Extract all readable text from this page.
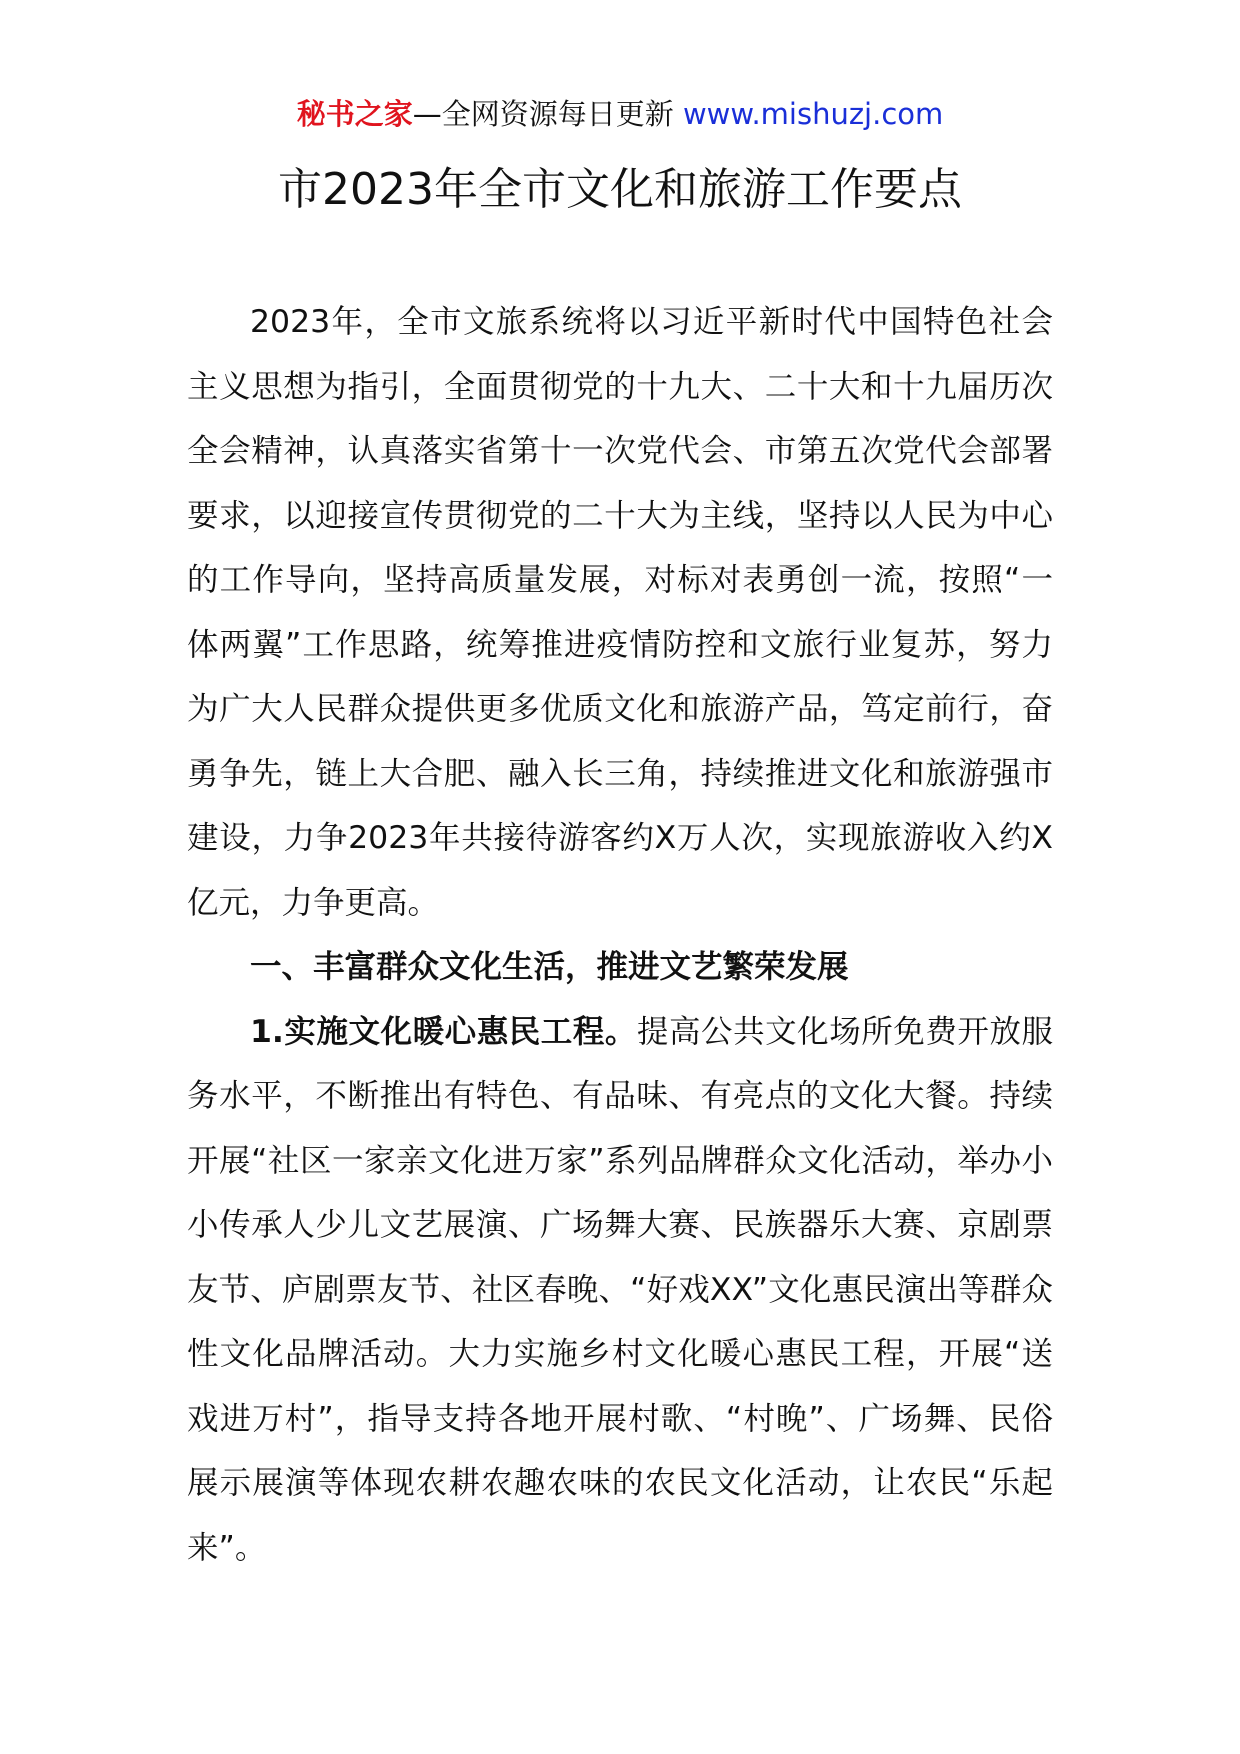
秘书之家—全网资源每日更新 www.mishuzj.com
市2023年全市文化和旅游工作要点

2023年，全市文旅系统将以习近平新时代中国特色社会主义思想为指引，全面贯彻党的十九大、二十大和十九届历次全会精神，认真落实省第十一次党代会、市第五次党代会部署要求，以迎接宣传贯彻党的二十大为主线，坚持以人民为中心的工作导向，坚持高质量发展，对标对表勇创一流，按照“一体两翼”工作思路，统筹推进疫情防控和文旅行业复苏，努力为广大人民群众提供更多优质文化和旅游产品，笃定前行，奋勇争先，链上大合肥、融入长三角，持续推进文化和旅游强市建设，力争2023年共接待游客约X万人次，实现旅游收入约X亿元，力争更高。

一、丰富群众文化生活，推进文艺繁荣发展

1.实施文化暖心惠民工程。提高公共文化场所免费开放服务水平，不断推出有特色、有品味、有亮点的文化大餐。持续开展“社区一家亲文化进万家”系列品牌群众文化活动，举办小小传承人少儿文艺展演、广场舞大赛、民族器乐大赛、京剧票友节、庐剧票友节、社区春晚、“好戏XX”文化惠民演出等群众性文化品牌活动。大力实施乡村文化暖心惠民工程，开展“送戏进万村”，指导支持各地开展村歌、“村晚”、广场舞、民俗展示展演等体现农耕农趣农味的农民文化活动，让农民“乐起来”。
